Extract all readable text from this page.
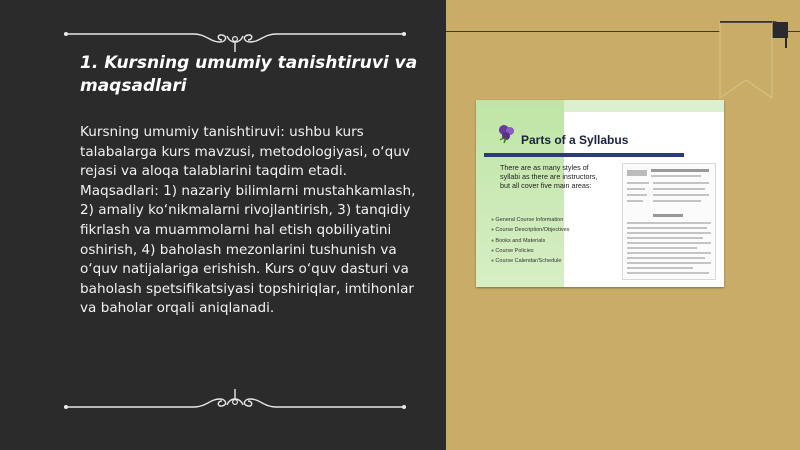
1. Kursning umumiy tanishtiruvi va maqsadlari

Kursning umumiy tanishtiruvi: ushbu kurs talabalarga kurs mavzusi, metodologiyasi, o‘quv rejasi va aloqa talablarini taqdim etadi. Maqsadlari: 1) nazariy bilimlarni mustahkamlash, 2) amaliy ko‘nikmalarni rivojlantirish, 3) tanqidiy fikrlash va muammolarni hal etish qobiliyatini oshirish, 4) baholash mezonlarini tushunish va o‘quv natijalariga erishish. Kurs o‘quv dasturi va baholash spetsifikatsiyasi topshiriqlar, imtihonlar va baholar orqali aniqlanadi.

Parts of a Syllabus

There are as many styles of syllabi as there are instructors, but all cover five main areas:

● General Course Information
● Course Description/Objectives
● Books and Materials
● Course Policies
● Course Calendar/Schedule
